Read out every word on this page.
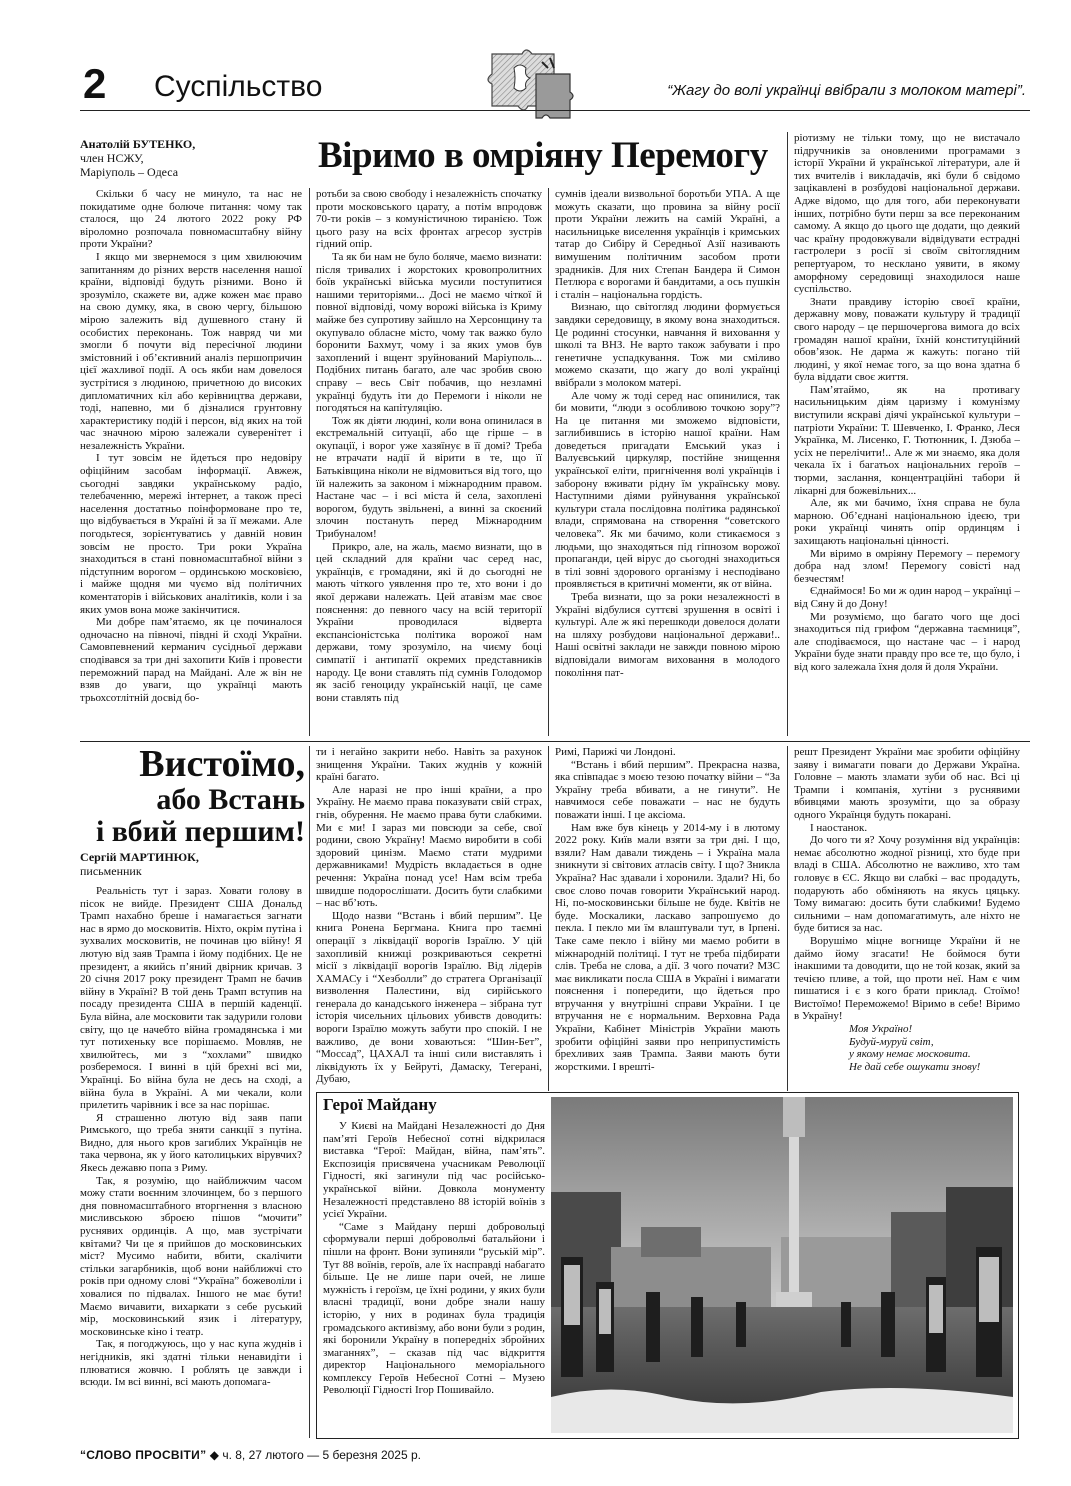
2 Суспільство	“Жагу до волі українці ввібрали з молоком матері”.
Анатолій БУТЕНКО,
член НСЖУ,
Маріуполь – Одеса	Віримо в омріяну Перемогу

Скільки б часу не минуло, та нас не покидатиме одне болюче питання: чому так сталося, що 24 лютого 2022 року РФ віроломно розпочала повномасштабну війну проти України?

І якщо ми звернемося з цим хвилюючим запитанням до різних верств населення нашої країни, відповіді будуть різними. Воно й зрозуміло, скажете ви, адже кожен має право на свою думку, яка, в свою чергу, більшою мірою залежить від душевного стану й особистих переконань. Тож навряд чи ми змогли б почути від пересічної людини змістовний і об’єктивний аналіз першопричин цієї жахливої події. А ось якби нам довелося зустрітися з людиною, причетною до високих дипломатичних кіл або керівництва держави, тоді, напевно, ми б дізналися грунтовну характеристику подій і персон, від яких на той час значною мірою залежали суверенітет і незалежність України.

І тут зовсім не йдеться про недовіру офіційним засобам інформації. Авжеж, сьогодні завдяки українському радіо, телебаченню, мережі інтернет, а також пресі населення достатньо поінформоване про те, що відбувається в Україні й за її межами. Але погодьтеся, зорієнтуватись у давній новин зовсім не просто. Три роки Україна знаходиться в стані повномасштабної війни з підступним ворогом – ординською московією, і майже щодня ми чуємо від політичних коментаторів і військових аналітиків, коли і за яких умов вона може закінчитися.

Ми добре пам’ятаємо, як це починалося одночасно на півночі, півдні й сході України. Самовпевнений керманич сусідньої держави сподівався за три дні захопити Київ і провести переможний парад на Майдані. Але ж він не взяв до уваги, що українці мають трьохсотлітній досвід бо-

ротьби за свою свободу і незалежність спочатку проти московського царату, а потім впродовж 70-ти років – з комуністичною тиранією. Тож цього разу на всіх фронтах агресор зустрів гідний опір.

Та як би нам не було боляче, маємо визнати: після тривалих і жорстоких кровопролитних боїв українські війська мусили поступитися нашими територіями... Досі не маємо чіткої й повної відповіді, чому ворожі війська із Криму майже без супротиву зайшло на Херсонщину та окупувало обласне місто, чому так важко було боронити Бахмут, чому і за яких умов був захоплений і вщент зруйнований Маріуполь... Подібних питань багато, але час зробив свою справу – весь Світ побачив, що незламні українці будуть іти до Перемоги і ніколи не погодяться на капітуляцію.

Тож як діяти людині, коли вона опинилася в екстремальній ситуації, або ще гірше – в окупації, і ворог уже хазяїнує в її домі? Треба не втрачати надії й вірити в те, що її Батьківщина ніколи не відмовиться від того, що їй належить за законом і міжнародним правом. Настане час – і всі міста й села, захоплені ворогом, будуть звільнені, а винні за скоєний злочин постануть перед Міжнародним Трибуналом!

Прикро, але, на жаль, маємо визнати, що в цей складний для країни час серед нас, українців, є громадяни, які й до сьогодні не мають чіткого уявлення про те, хто вони і до якої держави належать. Цей атавізм має своє пояснення: до певного часу на всій території України проводилася відверта експансіоністська політика ворожої нам держави, тому зрозуміло, на чиєму боці симпатії і антипатії окремих представників народу. Це вони ставлять під сумнів Голодомор як засіб геноциду українській нації, це саме вони ставлять під

сумнів ідеали визвольної боротьби УПА. А ще можуть сказати, що провина за війну росії проти України лежить на самій Україні, а насильницьке виселення українців і кримських татар до Сибіру й Середньої Азії називають вимушеним політичним засобом проти зрадників. Для них Степан Бандера й Симон Петлюра є ворогами й бандитами, а ось пушкін і сталін – національна гордість.

Визнаю, що світогляд людини формується завдяки середовищу, в якому вона знаходиться. Це родинні стосунки, навчання й виховання у школі та ВНЗ. Не варто також забувати і про генетичне успадкування. Тож ми сміливо можемо сказати, що жагу до волі українці ввібрали з молоком матері.

Але чому ж тоді серед нас опинилися, так би мовити, “люди з особливою точкою зору”? На це питання ми зможемо відповісти, заглибившись в історію нашої країни. Нам доведеться пригадати Емський указ і Валуєвський циркуляр, постійне знищення української еліти, пригнічення волі українців і заборону вживати рідну їм українську мову. Наступними діями руйнування української культури стала послідовна політика радянської влади, спрямована на створення “советского человека”. Як ми бачимо, коли стикаємося з людьми, що знаходяться під гіпнозом ворожої пропаганди, цей вірус до сьогодні знаходиться в тілі зовні здорового організму і несподівано проявляється в критичні моменти, як от війна.

Треба визнати, що за роки незалежності в Україні відбулися суттєві зрушення в освіті і культурі. Але ж які перешкоди довелося долати на шляху розбудови національної держави!.. Наші освітні заклади не завжди повною мірою відповідали вимогам виховання в молодого покоління пат-

ріотизму не тільки тому, що не вистачало підручників за оновленими програмами з історії України й української літератури, але й тих вчителів і викладачів, які були б свідомо зацікавлені в розбудові національної держави. Адже відомо, що для того, аби переконувати інших, потрібно бути перш за все переконаним самому. А якщо до цього ще додати, що деякий час країну продовжували відвідувати естрадні гастролери з росії зі своїм світоглядним репертуаром, то несклано уявити, в якому аморфному середовищі знаходилося наше суспільство.

Знати правдиву історію своєї країни, державну мову, поважати культуру й традиції свого народу – це першочергова вимога до всіх громадян нашої країни, їхній конституційний обов’язок. Не дарма ж кажуть: поганo тій людині, у якої немає того, за що вона здатна б була віддати своє життя.

Пам’ятаймо, як на противагу насильницьким діям царизму і комунізму виступили яскраві діячі української культури – патріоти України: Т. Шевченко, І. Франко, Леся Українка, М. Лисенко, Г. Тютюнник, І. Дзюба – усіх не перелічити!.. Але ж ми знаємо, яка доля чекала їх і багатьох національних героїв – тюрми, заслання, концентраційні табори й лікарні для божевільних...

Але, як ми бачимо, їхня справа не була марною. Об’єднані національною ідеєю, три роки українці чинять опір ординцям і захищають національні цінності.

Ми віримо в омріяну Перемогу – перемогу добра над злом! Перемогу совісті над безчестям!

Єднаймося! Бо ми ж один народ – українці – від Сяну й до Дону!

Ми розуміємо, що багато чого ще досі знаходиться під грифом “державна таємниця”, але сподіваємося, що настане час – і народ України буде знати правду про все те, що було, і від кого залежала їхня доля й доля України.

Вистоїмо,
або Встань
і вбий першим!
Сергій МАРТИНЮК,
письменник

Реальність тут і зараз. Ховати голову в пісок не вийде. Президент США Дональд Трамп нахабно бреше і намагається загнати нас в ярмо до московитів. Ніхто, окрім путіна і зухвалих московитів, не починав цю війну! Я лютую від заяв Трампа і йому подібних. Це не президент, а якийсь п’яний двірник кричав. З 20 січня 2017 року президент Трамп не бачив війну в Україні? В той день Трамп вступив на посаду президента США в першій каденції. Була війна, але московити так задурили голови світу, що це начебто війна громадянська і ми тут потихеньку все порішаємо. Мовляв, не хвилюйтесь, ми з “хохлами” швидко розберемося. І винні в цій брехні всі ми, Українці. Бо війна була не десь на сході, а війна була в Україні. А ми чекали, коли прилетить чарівник і все за нас порішає.

Я страшенно лютую від заяв папи Римського, що треба зняти санкції з путіна. Видно, для нього кров загиблих Українців не така червона, як у його католицьких вірувчих? Якесь дежавю попа з Риму.

Так, я розумію, що найближчим часом можу стати воєнним злочинцем, бо з першого дня повномасштабного вторгнення з власною мисливською зброєю пішов “мочити” руснявих ординців. А що, мав зустрічати квітами? Чи це я прийшов до московинських міст? Мусимо набити, вбити, скалічити стільки загарбників, щоб вони найближчі сто років при одному слові “Україна” божеволіли і ховалися по підвалах. Іншого не має бути! Маємо вичавити, вихаркати з себе руський мір, московинський язик і літературу, московинське кіно і театр.

Так, я погоджуюсь, що у нас купа жуднів і негідників, які здатні тільки ненавидіти і плюватися жовчю. І роблять це завжди і всюди. Ім всі винні, всі мають допомага-

ти і негайно закрити небо. Навіть за рахунок знищення України. Таких жуднів у кожній країні багато.

Але наразі не про інші країни, а про Україну. Не маємо права показувати свій страх, гнів, обурення. Не маємо права бути слабкими. Ми є ми! І зараз ми повсюди за себе, свої родини, свою Україну! Маємо виробити в собі здоровий цинізм. Маємо стати мудрими державниками! Мудрість вкладається в одне речення: Україна понад усе! Нам всім треба швидше подорослішати. Досить бути слабкими – нас вб’ють.

Щодо назви “Встань і вбий першим”. Це книга Ронена Бергмана. Книга про таємні операції з ліквідації ворогів Ізраїлю. У цій захопливій книжці розкриваються секретні місії з ліквідації ворогів Ізраїлю. Від лідерів ХАМАСу і “Хезболли” до стратега Організації визволення Палестини, від сирійського генерала до канадського інженера – зібрана тут історія чисельних цільових убивств доводить: вороги Ізраїлю можуть забути про спокій. І не важливо, де вони ховаються: “Шин-Бет”, “Моссад”, ЦАХАЛ та інші сили виставлять і ліквідують їх у Бейруті, Дамаску, Тегерані, Дубаю,

Римі, Парижі чи Лондоні.

“Встань і вбий першим”. Прекрасна назва, яка співпадає з моєю тезою початку війни – “За Україну треба вбивати, а не гинути”. Не навчимося себе поважати – нас не будуть поважати інші. І це аксіома.

Нам вже був кінець у 2014-му і в лютому 2022 року. Київ мали взяти за три дні. І що, взяли? Нам давали тиждень – і Україна мала зникнути зі світових атласів світу. І що? Зникла Україна? Нас здавали і хоронили. Здали? Ні, бо своє слово почав говорити Український народ. Ні, по-московинськи більше не буде. Квітів не буде. Москалики, ласкаво запрошуємо до пекла. І пекло ми їм влаштували тут, в Ірпені. Таке саме пекло і війну ми маємо робити в міжнародній політиці. І тут не треба підбирати слів. Треба не слова, а дії. З чого почати? МЗС має викликати посла США в Україні і вимагати пояснення і попередити, що йдеться про втручання у внутрішні справи України. І це втручання не є нормальним. Верховна Рада України, Кабінет Міністрів України мають зробити офіційні заяви про неприпустимість брехливих заяв Трампа. Заяви мають бути жорсткими. І врешті-

решт Президент України має зробити офіційну заяву і вимагати поваги до Держави Україна. Головне – мають зламати зуби об нас. Всі ці Трампи і компанія, хутіни з руснявими вбивцями мають зрозуміти, що за образу одного Українця будуть покарані.

І наостанок.

До чого ти я? Хочу розуміння від українців: немає абсолютно жодної різниці, хто буде при владі в США. Абсолютно не важливо, хто там головує в ЄС. Якщо ви слабкі – вас продадуть, подарують або обміняють на якусь цяцьку. Тому вимагаю: досить бути слабкими! Будемо сильними – нам допомагатимуть, але ніхто не буде битися за нас.

Ворушімо міцне вогнище України й не даймо йому згасати! Не боймося бути інакшими та доводити, що не той козак, який за течією пливе, а той, що проти неї. Нам є чим пишатися і є з кого брати приклад. Стоїмо! Вистоїмо! Переможемо! Віримо в себе! Віримо в Україну!

Моя Україно!
Будуй-муруй світ,
у якому немає московита.
Не дай себе ошукати знову!
Герої Майдану

У Києві на Майдані Незалежності до Дня пам’яті Героїв Небесної сотні відкрилася виставка “Герої: Майдан, війна, пам’ять”. Експозиція присвячена учасникам Революції Гідності, які загинули під час російсько-української війни. Довкола монументу Незалежності представлено 88 історій воїнів з усієї України.

“Саме з Майдану перші добровольці сформували перші добровольчі батальйони і пішли на фронт. Вони зупиняли “руській мір”. Тут 88 воїнів, героїв, але їх насправді набагато більше. Це не лише пари очей, не лише мужність і героїзм, це їхні родини, у яких були власні традиції, вони добре знали нашу історію, у них в родинах була традиція громадського активізму, або вони були з родин, які боронили Україну в попередніх збройних змаганнях”, – сказав під час відкриття директор Національного меморіального комплексу Героїв Небесної Сотні – Музею Революції Гідності Ігор Пошивайло.

“СЛОВО ПРОСВІТИ” ◆ ч. 8, 27 лютого — 5 березня 2025 р.
